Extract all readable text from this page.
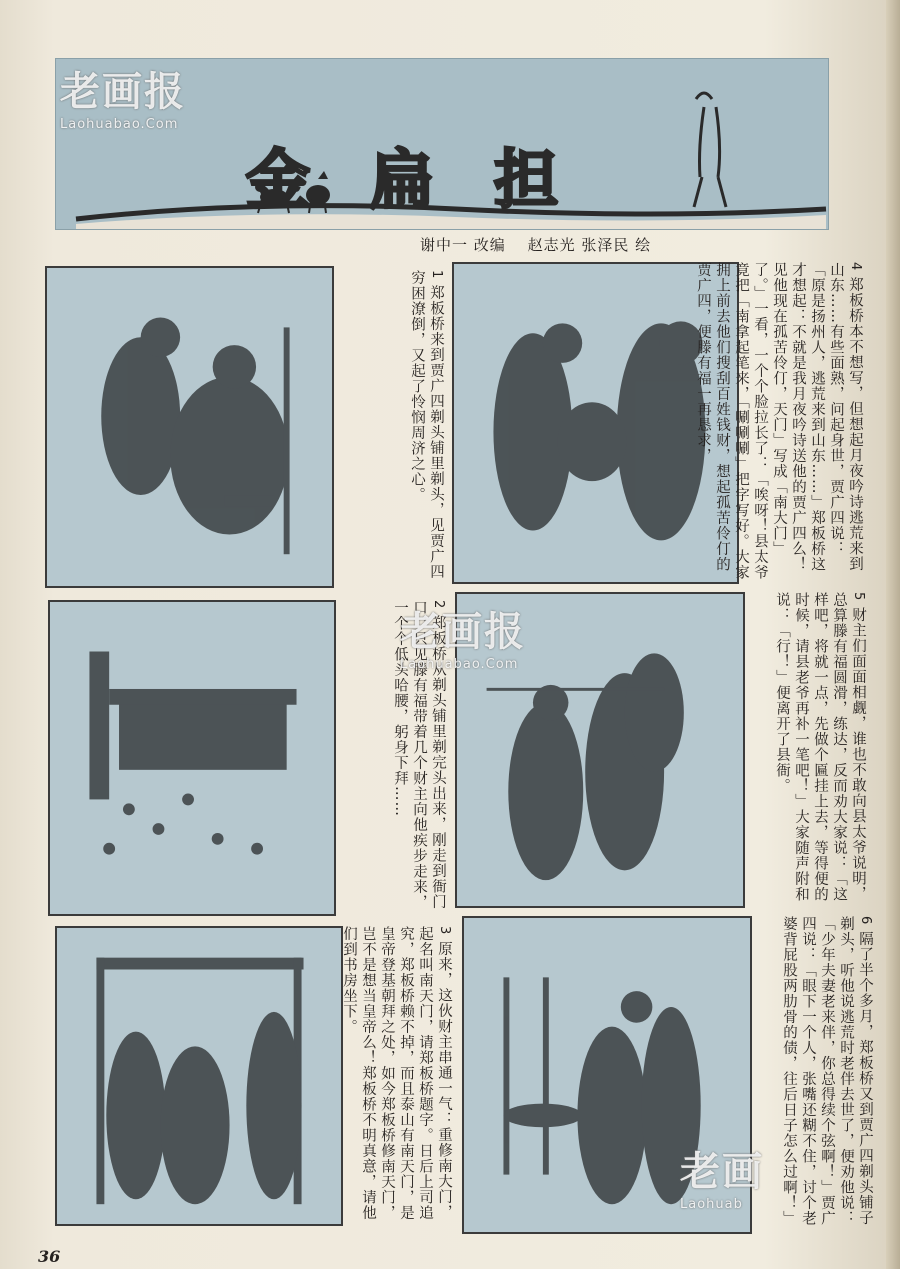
金扁担
老画报
Laohuabao.Com
谢中一 改编 赵志光 张泽民 绘
1郑板桥来到贾广四剃头铺里剃头，见贾广四穷困潦倒，又起了怜悯周济之心。
2郑板桥从剃头铺里剃完头出来，刚走到衙门口，只见滕有福带着几个财主向他疾步走来，一个个低头哈腰，躬身下拜……
3原来，这伙财主串通一气：重修南大门，起名叫南天门，请郑板桥题字。日后上司追究，郑板桥赖不掉，而且泰山有南天门，是皇帝登基朝拜之处，如今郑板桥修南天门，岂不是想当皇帝么！郑板桥不明真意，请他们到书房坐下。
4郑板桥本不想写，但想起月夜吟诗逃荒来到山东……有些面熟，问起身世，贾广四说：「原是扬州人，逃荒来到山东……」郑板桥这才想起：不就是我月夜吟诗送他的贾广四么！见他现在孤苦伶仃，天门」写成「南大门」了。」一看，一个个脸拉长了：「唉呀！县太爷竟把「南拿起笔来，「唰唰唰」把字写好。大家拥上前去他们搜刮百姓钱财，想起孤苦伶仃的贾广四，便滕有福一再恳求，
5财主们面面相觑，谁也不敢向县太爷说明，总算滕有福圆滑，练达，反而劝大家说：「这样吧，将就一点，先做个匾挂上去，等得便的时候，请县老爷再补一笔吧！」大家随声附和说：「行！」便离开了县衙。
老画报
Laohuabao.Com
6隔了半个多月，郑板桥又到贾广四剃头铺子剃头，听他说逃荒时老伴去世了，便劝他说：「少年夫妻老来伴，你总得续个弦啊！」贾广四说：「眼下一个人，张嘴还糊不住，讨个老婆背屁股两肋骨的债，往后日子怎么过啊！」
老画
Laohuab
36
